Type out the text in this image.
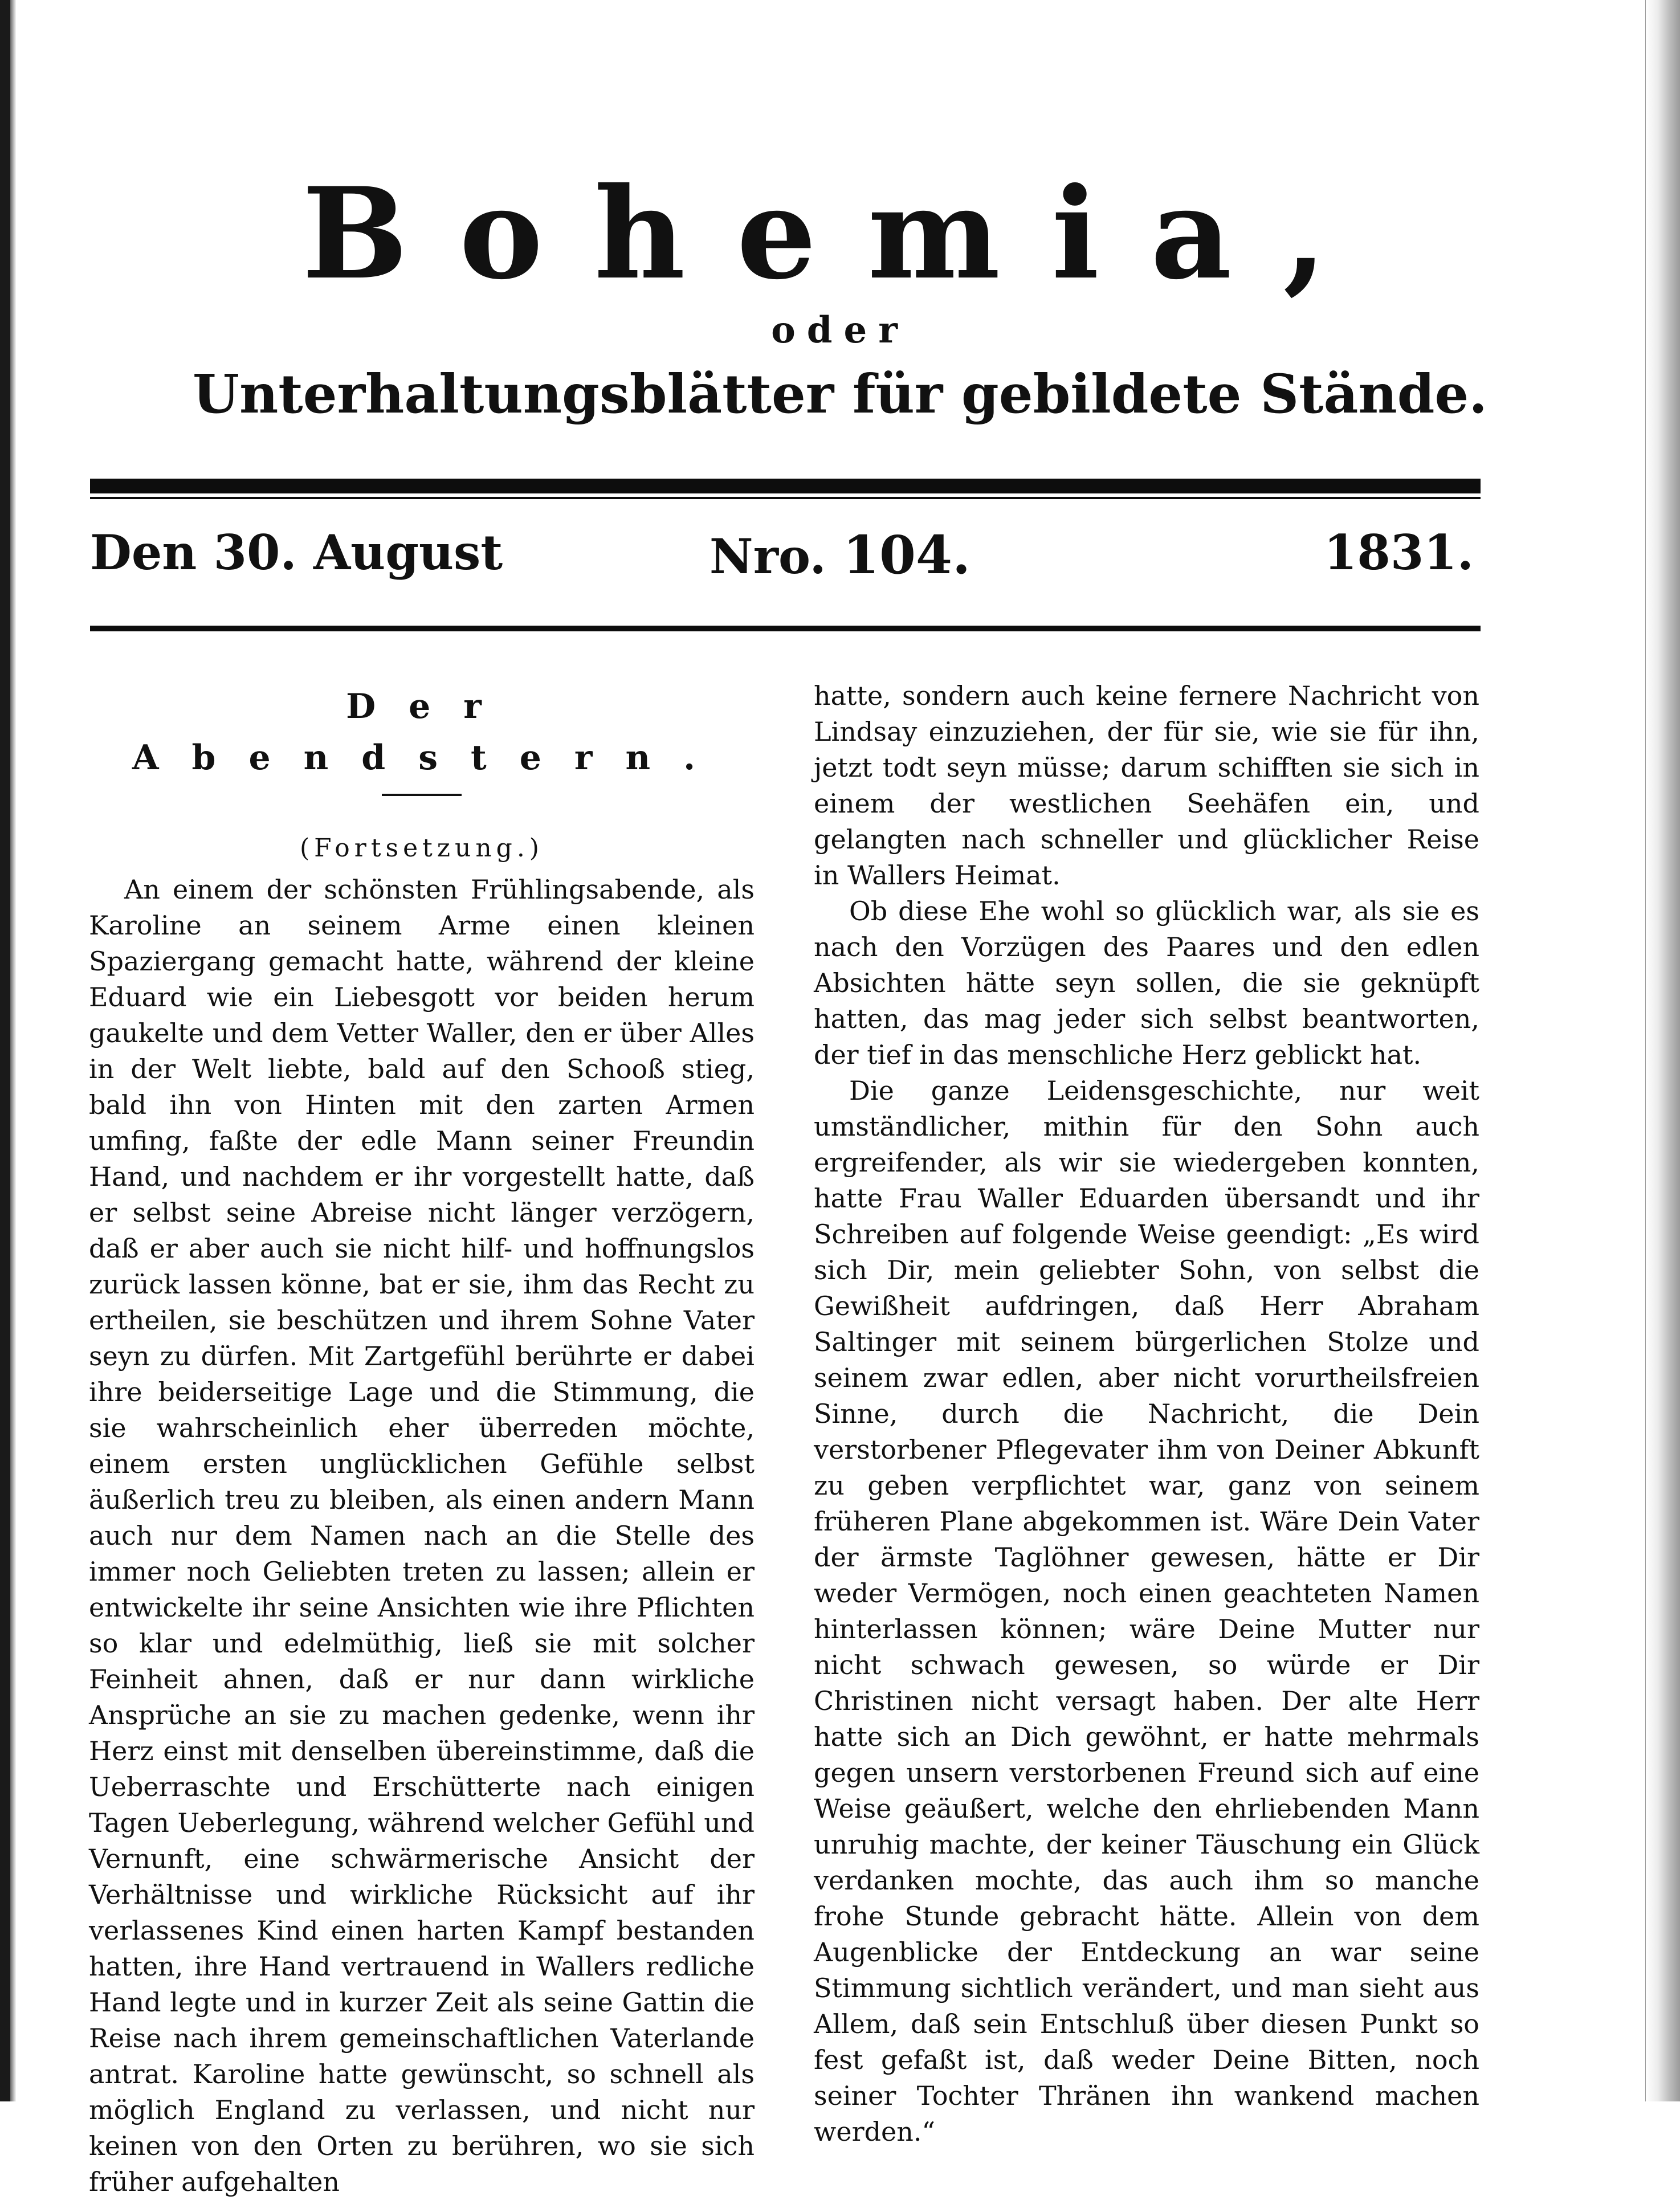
Bohemia,
oder
Unterhaltungsblätter für gebildete Stände.
Den 30. August	Nro. 104.	1831.
Der Abendstern.
(Fortsetzung.)

An einem der schönsten Frühlingsabende, als Karoline an seinem Arme einen kleinen Spaziergang gemacht hatte, während der kleine Eduard wie ein Liebesgott vor beiden herum gaukelte und dem Vetter Waller, den er über Alles in der Welt liebte, bald auf den Schooß stieg, bald ihn von Hinten mit den zarten Armen umfing, faßte der edle Mann seiner Freundin Hand, und nachdem er ihr vorgestellt hatte, daß er selbst seine Abreise nicht länger verzögern, daß er aber auch sie nicht hilf- und hoffnungslos zurück lassen könne, bat er sie, ihm das Recht zu ertheilen, sie beschützen und ihrem Sohne Vater seyn zu dürfen. Mit Zartgefühl berührte er dabei ihre beiderseitige Lage und die Stimmung, die sie wahrscheinlich eher überreden möchte, einem ersten unglücklichen Gefühle selbst äußerlich treu zu bleiben, als einen andern Mann auch nur dem Namen nach an die Stelle des immer noch Geliebten treten zu lassen; allein er entwickelte ihr seine Ansichten wie ihre Pflichten so klar und edelmüthig, ließ sie mit solcher Feinheit ahnen, daß er nur dann wirkliche Ansprüche an sie zu machen gedenke, wenn ihr Herz einst mit denselben übereinstimme, daß die Ueberraschte und Erschütterte nach einigen Tagen Ueberlegung, während welcher Gefühl und Vernunft, eine schwärmerische Ansicht der Verhältnisse und wirkliche Rücksicht auf ihr verlassenes Kind einen harten Kampf bestanden hatten, ihre Hand vertrauend in Wallers redliche Hand legte und in kurzer Zeit als seine Gattin die Reise nach ihrem gemeinschaftlichen Vaterlande antrat. Karoline hatte gewünscht, so schnell als möglich England zu verlassen, und nicht nur keinen von den Orten zu berühren, wo sie sich früher aufgehalten

hatte, sondern auch keine fernere Nachricht von Lindsay einzuziehen, der für sie, wie sie für ihn, jetzt todt seyn müsse; darum schifften sie sich in einem der westlichen Seehäfen ein, und gelangten nach schneller und glücklicher Reise in Wallers Heimat.

Ob diese Ehe wohl so glücklich war, als sie es nach den Vorzügen des Paares und den edlen Absichten hätte seyn sollen, die sie geknüpft hatten, das mag jeder sich selbst beantworten, der tief in das menschliche Herz geblickt hat.

Die ganze Leidensgeschichte, nur weit umständlicher, mithin für den Sohn auch ergreifender, als wir sie wiedergeben konnten, hatte Frau Waller Eduarden übersandt und ihr Schreiben auf folgende Weise geendigt: „Es wird sich Dir, mein geliebter Sohn, von selbst die Gewißheit aufdringen, daß Herr Abraham Saltinger mit seinem bürgerlichen Stolze und seinem zwar edlen, aber nicht vorurtheilsfreien Sinne, durch die Nachricht, die Dein verstorbener Pflegevater ihm von Deiner Abkunft zu geben verpflichtet war, ganz von seinem früheren Plane abgekommen ist. Wäre Dein Vater der ärmste Taglöhner gewesen, hätte er Dir weder Vermögen, noch einen geachteten Namen hinterlassen können; wäre Deine Mutter nur nicht schwach gewesen, so würde er Dir Christinen nicht versagt haben. Der alte Herr hatte sich an Dich gewöhnt, er hatte mehrmals gegen unsern verstorbenen Freund sich auf eine Weise geäußert, welche den ehrliebenden Mann unruhig machte, der keiner Täuschung ein Glück verdanken mochte, das auch ihm so manche frohe Stunde gebracht hätte. Allein von dem Augenblicke der Entdeckung an war seine Stimmung sichtlich verändert, und man sieht aus Allem, daß sein Entschluß über diesen Punkt so fest gefaßt ist, daß weder Deine Bitten, noch seiner Tochter Thränen ihn wankend machen werden.“
